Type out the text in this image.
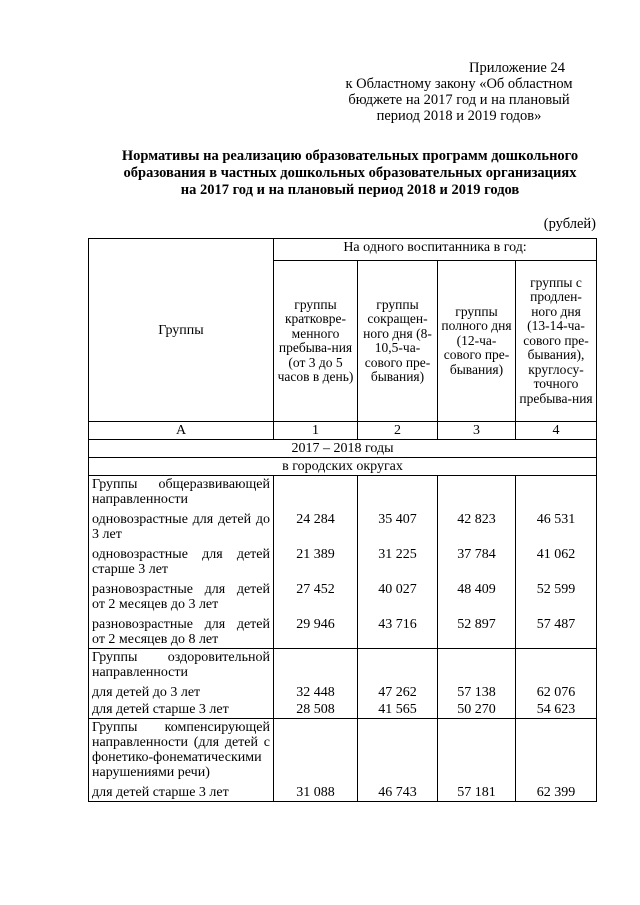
Приложение 24
к Областному закону «Об областном
бюджете на 2017 год и на плановый
период 2018 и 2019 годов»
Нормативы на реализацию образовательных программ дошкольного
образования в частных дошкольных образовательных организациях
на 2017 год и на плановый период 2018 и 2019 годов
(рублей)
Группы	На одного воспитанника в год:			
	группы кратковре-менного пребыва-ния (от 3 до 5 часов в день)	группы сокращен-ного дня (8-10,5-ча-сового пре-бывания)	группы полного дня (12-ча-сового пре-бывания)	группы с продлен-ного дня (13-14-ча-сового пре-бывания), круглосу-точного пребыва-ния
А	1	2	3	4
2017 – 2018 годы				
в городских округах				
Группы общеразвивающей направленности				
одновозрастные для детей до 3 лет	24 284	35 407	42 823	46 531
одновозрастные для детей старше 3 лет	21 389	31 225	37 784	41 062
разновозрастные для детей от 2 месяцев до 3 лет	27 452	40 027	48 409	52 599
разновозрастные для детей от 2 месяцев до 8 лет	29 946	43 716	52 897	57 487
Группы оздоровительной направленности				
для детей до 3 лет	32 448	47 262	57 138	62 076
для детей старше 3 лет	28 508	41 565	50 270	54 623
Группы компенсирующей направленности (для детей с фонетико-фонематическими нарушениями речи)				
для детей старше 3 лет	31 088	46 743	57 181	62 399
